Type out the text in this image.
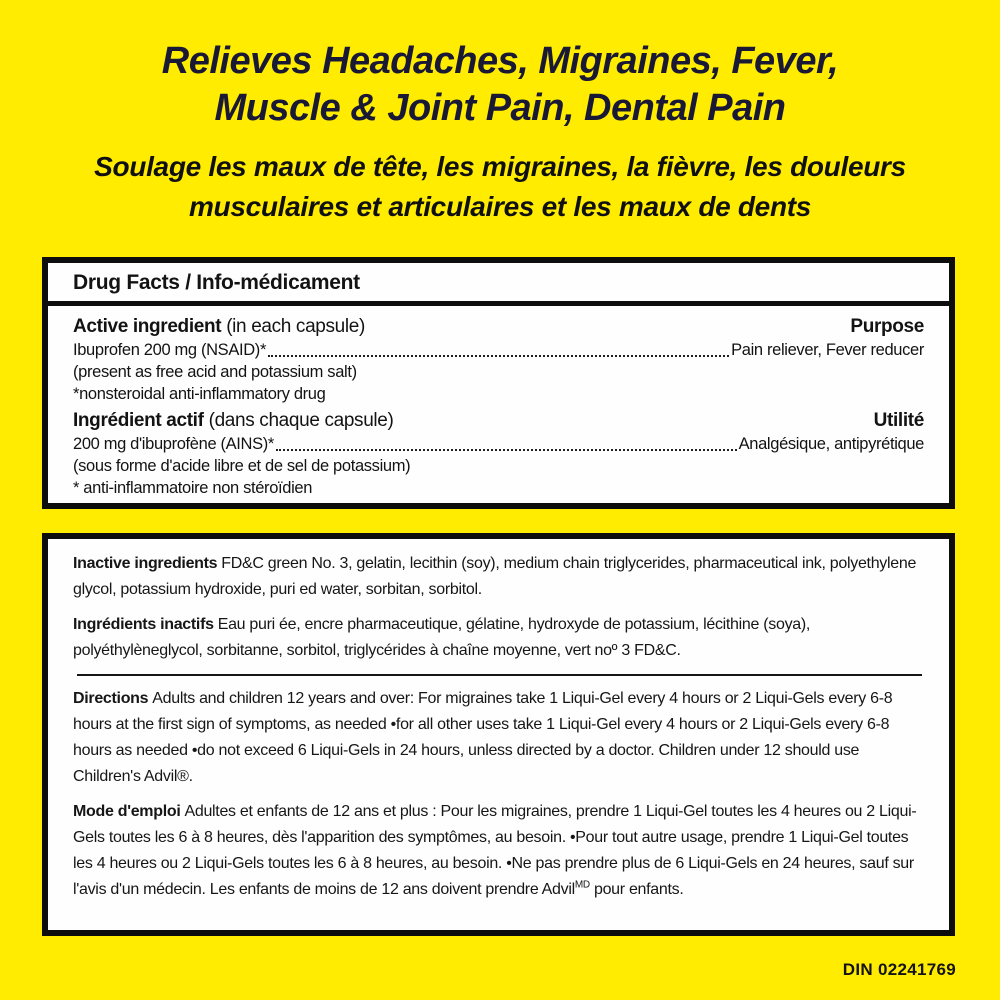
Relieves Headaches, Migraines, Fever,
Muscle & Joint Pain, Dental Pain
Soulage les maux de tête, les migraines, la fièvre, les douleurs
musculaires et articulaires et les maux de dents
Drug Facts / Info-médicament
Active ingredient (in each capsule)	Purpose
Ibuprofen 200 mg (NSAID)*	Pain reliever, Fever reducer
(present as free acid and potassium salt)
*nonsteroidal anti-inflammatory drug
Ingrédient actif (dans chaque capsule)	Utilité
200 mg d'ibuprofène (AINS)*	Analgésique, antipyrétique
(sous forme d'acide libre et de sel de potassium)
* anti-inflammatoire non stéroïdien

Inactive ingredients FD&C green No. 3, gelatin, lecithin (soy), medium chain triglycerides, pharmaceutical ink, polyethylene glycol, potassium hydroxide, puri ed water, sorbitan, sorbitol.

Ingrédients inactifs Eau puri ée, encre pharmaceutique, gélatine, hydroxyde de potassium, lécithine (soya), polyéthylèneglycol, sorbitanne, sorbitol, triglycérides à chaîne moyenne, vert noº 3 FD&C.

Directions Adults and children 12 years and over: For migraines take 1 Liqui-Gel every 4 hours or 2 Liqui-Gels every 6-8 hours at the first sign of symptoms, as needed •for all other uses take 1 Liqui-Gel every 4 hours or 2 Liqui-Gels every 6-8 hours as needed •do not exceed 6 Liqui-Gels in 24 hours, unless directed by a doctor. Children under 12 should use Children's Advil®.

Mode d'emploi Adultes et enfants de 12 ans et plus : Pour les migraines, prendre 1 Liqui-Gel toutes les 4 heures ou 2 Liqui-Gels toutes les 6 à 8 heures, dès l'apparition des symptômes, au besoin. •Pour tout autre usage, prendre 1 Liqui-Gel toutes les 4 heures ou 2 Liqui-Gels toutes les 6 à 8 heures, au besoin. •Ne pas prendre plus de 6 Liqui-Gels en 24 heures, sauf sur l'avis d'un médecin. Les enfants de moins de 12 ans doivent prendre Advil$^{MD}$ pour enfants.

DIN 02241769
